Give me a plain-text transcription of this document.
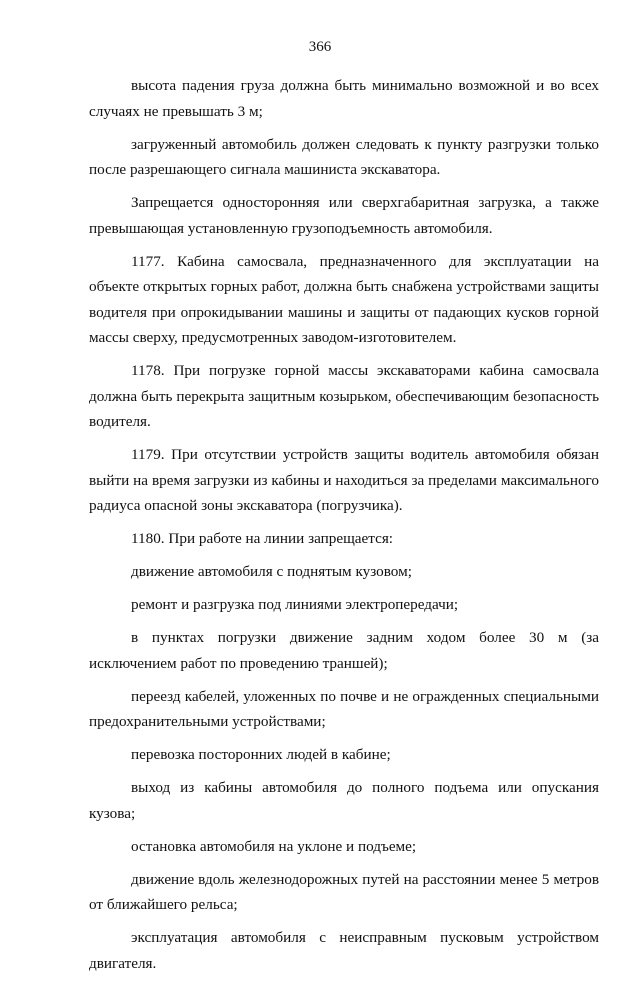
366

высота падения груза должна быть минимально возможной и во всех случаях не превышать 3 м;

загруженный автомобиль должен следовать к пункту разгрузки только после разрешающего сигнала машиниста экскаватора.

Запрещается односторонняя или сверхгабаритная загрузка, а также превышающая установленную грузоподъемность автомобиля.

1177. Кабина самосвала, предназначенного для эксплуатации на объекте открытых горных работ, должна быть снабжена устройствами защиты водителя при опрокидывании машины и защиты от падающих кусков горной массы сверху, предусмотренных заводом-изготовителем.

1178. При погрузке горной массы экскаваторами кабина самосвала должна быть перекрыта защитным козырьком, обеспечивающим безопасность водителя.

1179. При отсутствии устройств защиты водитель автомобиля обязан выйти на время загрузки из кабины и находиться за пределами максимального радиуса опасной зоны экскаватора (погрузчика).

1180. При работе на линии запрещается:

движение автомобиля с поднятым кузовом;

ремонт и разгрузка под линиями электропередачи;

в пунктах погрузки движение задним ходом более 30 м (за исключением работ по проведению траншей);

переезд кабелей, уложенных по почве и не огражденных специальными предохранительными устройствами;

перевозка посторонних людей в кабине;

выход из кабины автомобиля до полного подъема или опускания кузова;

остановка автомобиля на уклоне и подъеме;

движение вдоль железнодорожных путей на расстоянии менее 5 метров от ближайшего рельса;

эксплуатация автомобиля с неисправным пусковым устройством двигателя.
